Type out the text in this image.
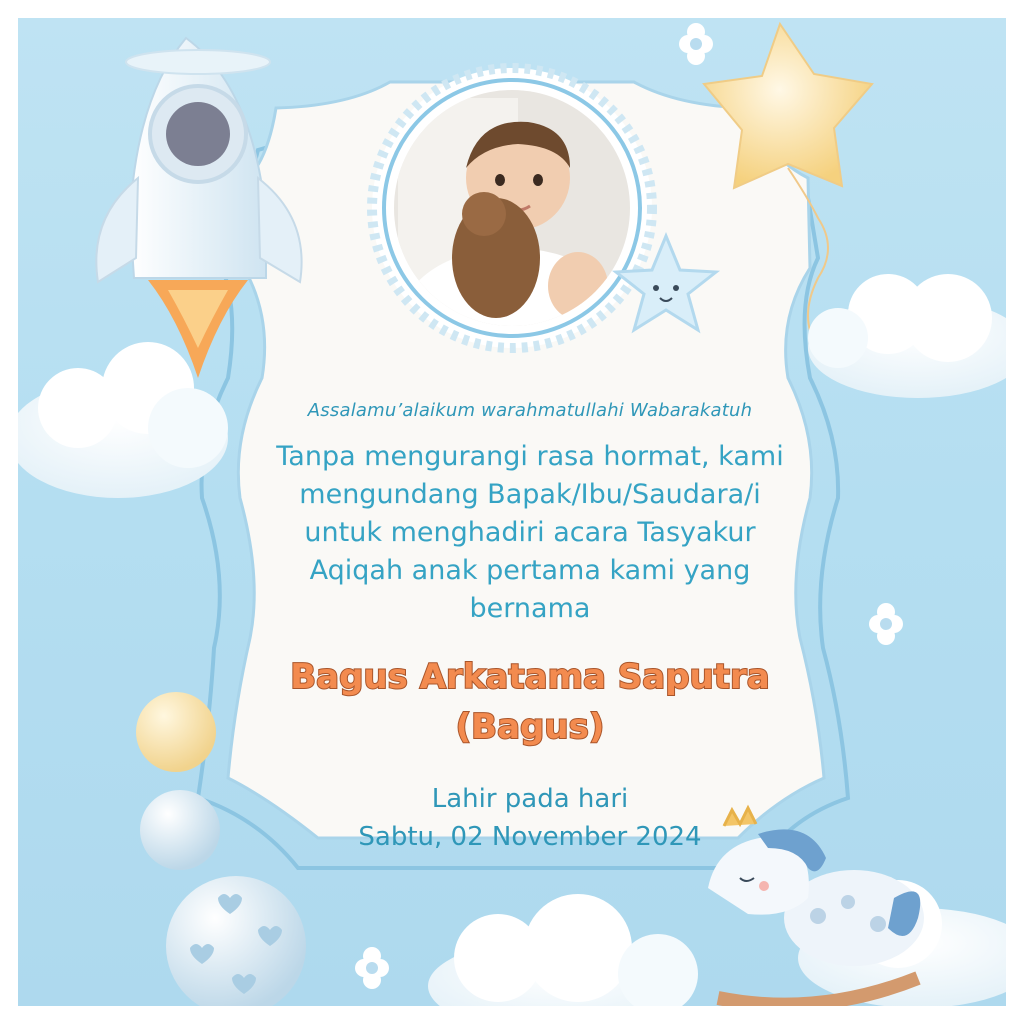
Assalamu’alaikum warahmatullahi Wabarakatuh
Tanpa mengurangi rasa hormat, kami
mengundang Bapak/Ibu/Saudara/i
untuk menghadiri acara Tasyakur
Aqiqah anak pertama kami yang
bernama
Bagus Arkatama Saputra
(Bagus)
Lahir pada hari
Sabtu, 02 November 2024
